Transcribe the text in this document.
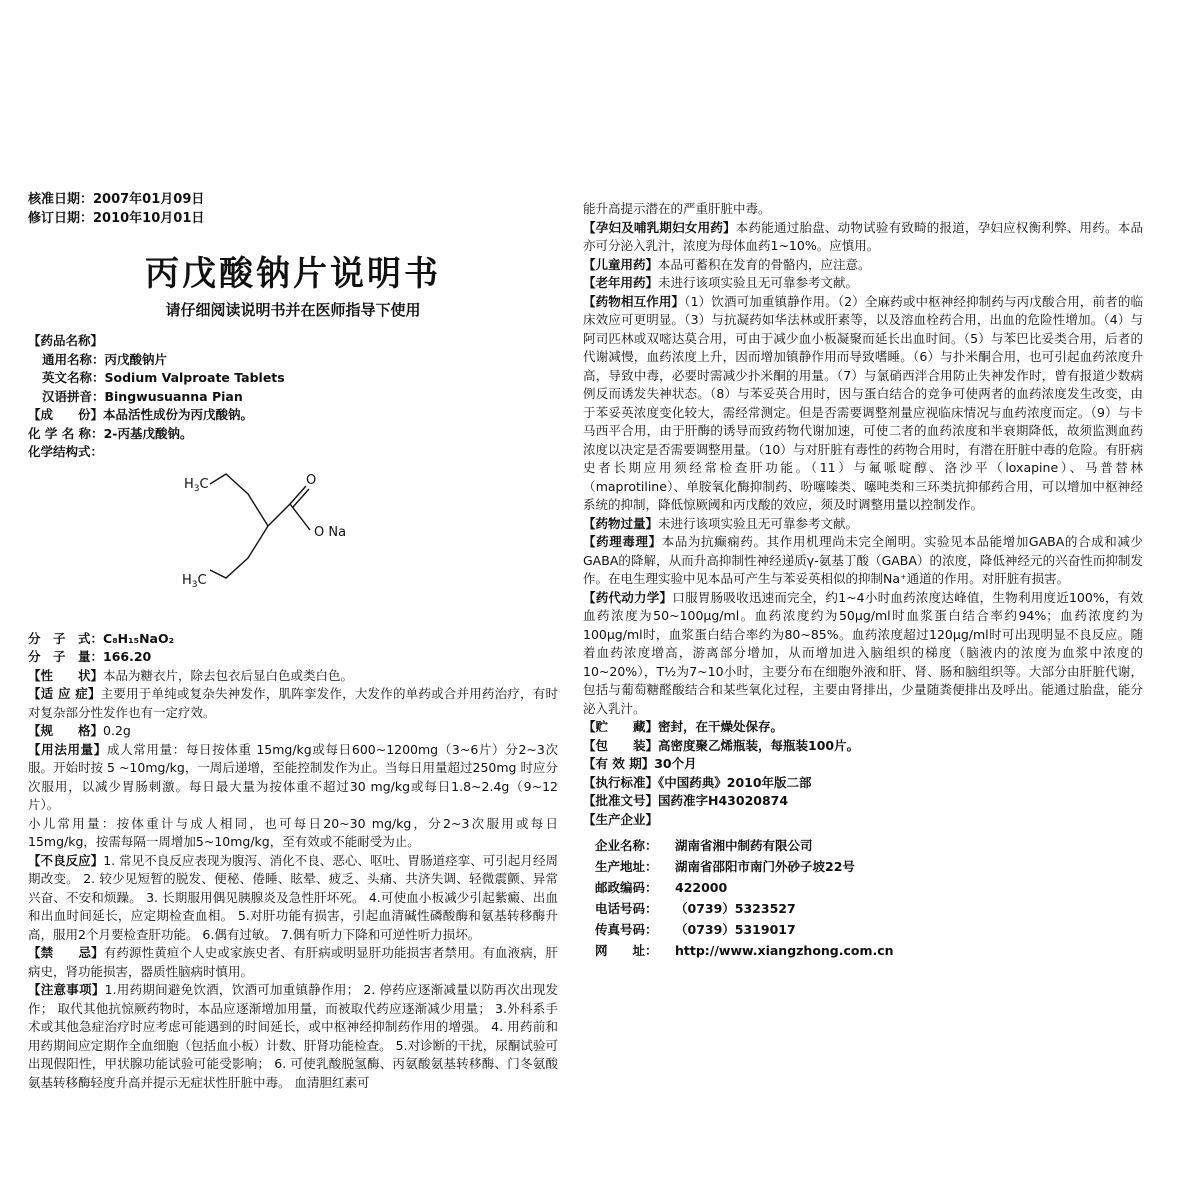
核准日期：2007年01月09日
修订日期：2010年10月01日
丙戊酸钠片说明书
请仔细阅读说明书并在医师指导下使用

【药品名称】

通用名称：丙戊酸钠片

英文名称：Sodium Valproate Tablets

汉语拼音：Bingwusuanna Pian

【成　　份】本品活性成份为丙戊酸钠。

化 学 名 称：2-丙基戊酸钠。

化学结构式：

$H_3C$	O
O Na
$H_3C$

分　子　式：C₈H₁₅NaO₂

分　子　量：166.20

【性　　状】本品为糖衣片，除去包衣后显白色或类白色。

【适 应 症】主要用于单纯或复杂失神发作，肌阵挛发作，大发作的单药或合并用药治疗，有时对复杂部分性发作也有一定疗效。

【规　　格】0.2g

【用法用量】成人常用量：每日按体重 15mg/kg或每日600~1200mg（3~6片）分2~3次服。开始时按 5 ~10mg/kg，一周后递增，至能控制发作为止。当每日用量超过250mg 时应分次服用，以减少胃肠刺激。每日最大量为按体重不超过30 mg/kg或每日1.8~2.4g（9~12片）。

小儿常用量：按体重计与成人相同，也可每日20~30 mg/kg，分2~3次服用或每日15mg/kg，按需每隔一周增加5~10mg/kg，至有效或不能耐受为止。

【不良反应】1. 常见不良反应表现为腹泻、消化不良、恶心、呕吐、胃肠道痉挛、可引起月经周期改变。 2. 较少见短暂的脱发、便秘、倦睡、眩晕、疲乏、头痛、共济失调、轻微震颤、异常兴奋、不安和烦躁。 3. 长期服用偶见胰腺炎及急性肝坏死。 4.可使血小板减少引起紫癜、出血和出血时间延长，应定期检查血相。 5.对肝功能有损害，引起血清碱性磷酸酶和氨基转移酶升高，服用2个月要检查肝功能。 6.偶有过敏。 7.偶有听力下降和可逆性听力损坏。

【禁　　忌】有药源性黄疸个人史或家族史者、有肝病或明显肝功能损害者禁用。有血液病，肝病史，肾功能损害，器质性脑病时慎用。

【注意事项】1.用药期间避免饮酒，饮酒可加重镇静作用； 2. 停药应逐渐减量以防再次出现发作； 取代其他抗惊厥药物时，本品应逐渐增加用量，而被取代药应逐渐减少用量； 3.外科系手术或其他急症治疗时应考虑可能遇到的时间延长，或中枢神经抑制药作用的增强。 4. 用药前和用药期间应定期作全血细胞（包括血小板）计数、肝肾功能检查。 5.对诊断的干扰，尿酮试验可出现假阳性，甲状腺功能试验可能受影响； 6. 可使乳酸脱氢酶、丙氨酸氨基转移酶、门冬氨酸氨基转移酶轻度升高并提示无症状性肝脏中毒。 血清胆红素可

能升高提示潜在的严重肝脏中毒。

【孕妇及哺乳期妇女用药】本药能通过胎盘、动物试验有致畸的报道，孕妇应权衡利弊、用药。本品亦可分泌入乳汁，浓度为母体血药1~10%。应慎用。

【儿童用药】本品可蓄积在发育的骨骼内，应注意。

【老年用药】未进行该项实验且无可靠参考文献。

【药物相互作用】（1）饮酒可加重镇静作用。（2）全麻药或中枢神经抑制药与丙戊酸合用，前者的临床效应可更明显。（3）与抗凝药如华法林或肝素等，以及溶血栓药合用，出血的危险性增加。（4）与阿司匹林或双嘧达莫合用，可由于减少血小板凝聚而延长出血时间。（5）与苯巴比妥类合用，后者的代谢减慢，血药浓度上升，因而增加镇静作用而导致嗜睡。（6）与扑米酮合用，也可引起血药浓度升高，导致中毒，必要时需减少扑米酮的用量。（7）与氯硝西泮合用防止失神发作时，曾有报道少数病例反而诱发失神状态。（8）与苯妥英合用时，因与蛋白结合的竞争可使两者的血药浓度发生改变，由于苯妥英浓度变化较大，需经常测定。但是否需要调整剂量应视临床情况与血药浓度而定。（9）与卡马西平合用，由于肝酶的诱导而致药物代谢加速，可使二者的血药浓度和半衰期降低，故须监测血药浓度以决定是否需要调整用量。（10）与对肝脏有毒性的药物合用时，有潜在肝脏中毒的危险。有肝病史者长期应用须经常检查肝功能。（11）与氟哌啶醇、洛沙平（loxapine）、马普替林（maprotiline）、单胺氧化酶抑制药、吩噻嗪类、噻吨类和三环类抗抑郁药合用，可以增加中枢神经系统的抑制，降低惊厥阈和丙戊酸的效应，须及时调整用量以控制发作。

【药物过量】未进行该项实验且无可靠参考文献。

【药理毒理】本品为抗癫痫药。其作用机理尚未完全阐明。实验见本品能增加GABA的合成和减少GABA的降解，从而升高抑制性神经递质γ-氨基丁酸（GABA）的浓度，降低神经元的兴奋性而抑制发作。在电生理实验中见本品可产生与苯妥英相似的抑制Na⁺通道的作用。对肝脏有损害。

【药代动力学】口服胃肠吸收迅速而完全，约1~4小时血药浓度达峰值，生物利用度近100%，有效血药浓度为50~100μg/ml。血药浓度约为50μg/ml时血浆蛋白结合率约94%；血药浓度约为100μg/ml时，血浆蛋白结合率约为80~85%。血药浓度超过120μg/ml时可出现明显不良反应。随着血药浓度增高，游离部分增加，从而增加进入脑组织的梯度（脑液内的浓度为血浆中浓度的10~20%），T½为7~10小时，主要分布在细胞外液和肝、肾、肠和脑组织等。大部分由肝脏代谢，包括与葡萄糖醛酸结合和某些氧化过程，主要由肾排出，少量随粪便排出及呼出。能通过胎盘，能分泌入乳汁。

【贮　　藏】密封，在干燥处保存。

【包　　装】高密度聚乙烯瓶装，每瓶装100片。

【有 效 期】30个月

【执行标准】《中国药典》2010年版二部

【批准文号】国药准字H43020874

【生产企业】

企业名称：	湖南省湘中制药有限公司
生产地址：	湖南省邵阳市南门外砂子坡22号
邮政编码：	422000
电话号码：	（0739）5323527
传真号码：	（0739）5319017
网　　址：	http://www.xiangzhong.com.cn
